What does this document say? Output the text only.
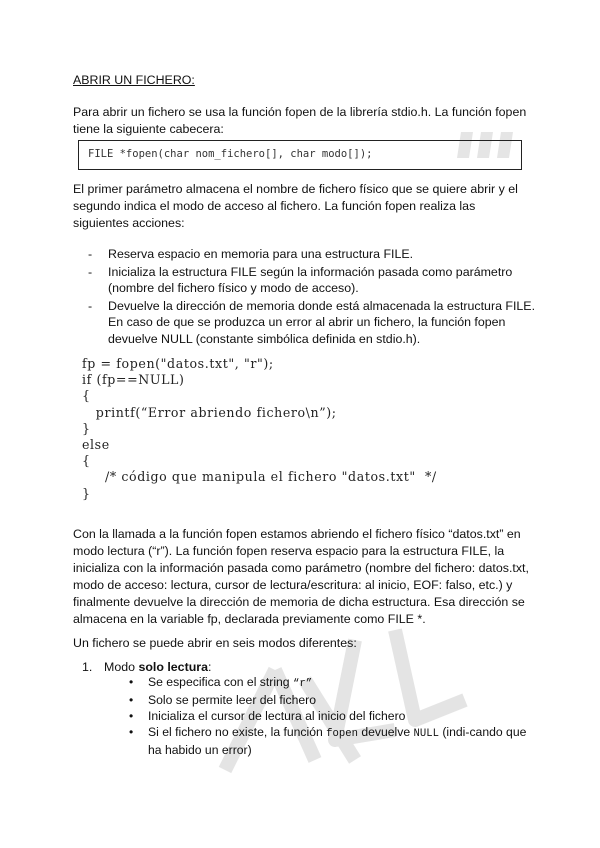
ABRIR UN FICHERO:
Para abrir un fichero se usa la función fopen de la librería stdio.h. La función fopen tiene la siguiente cabecera:
FILE *fopen(char nom_fichero[], char modo[]);
El primer parámetro almacena el nombre de fichero físico que se quiere abrir y el segundo indica el modo de acceso al fichero. La función fopen realiza las siguientes acciones:
- Reserva espacio en memoria para una estructura FILE.
- Inicializa la estructura FILE según la información pasada como parámetro (nombre del fichero físico y modo de acceso).
- Devuelve la dirección de memoria donde está almacenada la estructura FILE. En caso de que se produzca un error al abrir un fichero, la función fopen devuelve NULL (constante simbólica definida en stdio.h).
fp = fopen("datos.txt", "r");
if (fp==NULL)
{
printf(“Error abriendo fichero\n”);
}
else
{
/* código que manipula el fichero "datos.txt"  */
}
Con la llamada a la función fopen estamos abriendo el fichero físico “datos.txt” en modo lectura (“r”). La función fopen reserva espacio para la estructura FILE, la inicializa con la información pasada como parámetro (nombre del fichero: datos.txt, modo de acceso: lectura, cursor de lectura/escritura: al inicio, EOF: falso, etc.) y finalmente devuelve la dirección de memoria de dicha estructura. Esa dirección se almacena en la variable fp, declarada previamente como FILE *.
Un fichero se puede abrir en seis modos diferentes:
1. Modo solo lectura:
• Se especifica con el string “r”
• Solo se permite leer del fichero
• Inicializa el cursor de lectura al inicio del fichero
• Si el fichero no existe, la función fopen devuelve NULL (indi-cando que ha habido un error)
